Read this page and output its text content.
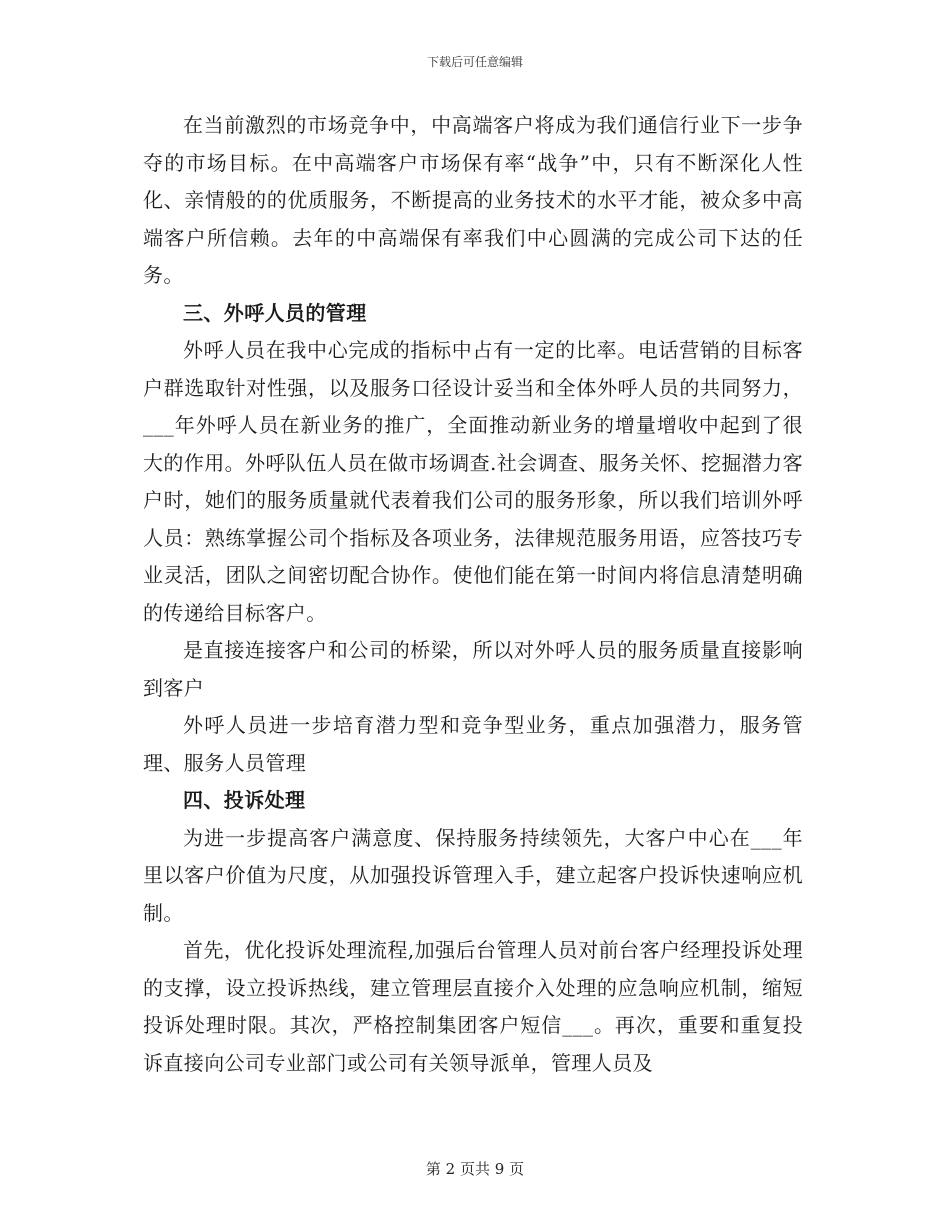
下载后可任意编辑

在当前激烈的市场竞争中，中高端客户将成为我们通信行业下一步争夺的市场目标。在中高端客户市场保有率“战争”中，只有不断深化人性化、亲情般的的优质服务，不断提高的业务技术的水平才能，被众多中高端客户所信赖。去年的中高端保有率我们中心圆满的完成公司下达的任务。

三、外呼人员的管理

外呼人员在我中心完成的指标中占有一定的比率。电话营销的目标客户群选取针对性强，以及服务口径设计妥当和全体外呼人员的共同努力，___年外呼人员在新业务的推广，全面推动新业务的增量增收中起到了很大的作用。外呼队伍人员在做市场调查.社会调查、服务关怀、挖掘潜力客户时，她们的服务质量就代表着我们公司的服务形象，所以我们培训外呼人员：熟练掌握公司个指标及各项业务，法律规范服务用语，应答技巧专业灵活，团队之间密切配合协作。使他们能在第一时间内将信息清楚明确的传递给目标客户。

是直接连接客户和公司的桥梁，所以对外呼人员的服务质量直接影响到客户

外呼人员进一步培育潜力型和竞争型业务，重点加强潜力，服务管理、服务人员管理

四、投诉处理

为进一步提高客户满意度、保持服务持续领先，大客户中心在___年里以客户价值为尺度，从加强投诉管理入手，建立起客户投诉快速响应机制。

首先，优化投诉处理流程,加强后台管理人员对前台客户经理投诉处理的支撑，设立投诉热线，建立管理层直接介入处理的应急响应机制，缩短投诉处理时限。其次，严格控制集团客户短信___。再次，重要和重复投诉直接向公司专业部门或公司有关领导派单，管理人员及

第 2 页共 9 页
